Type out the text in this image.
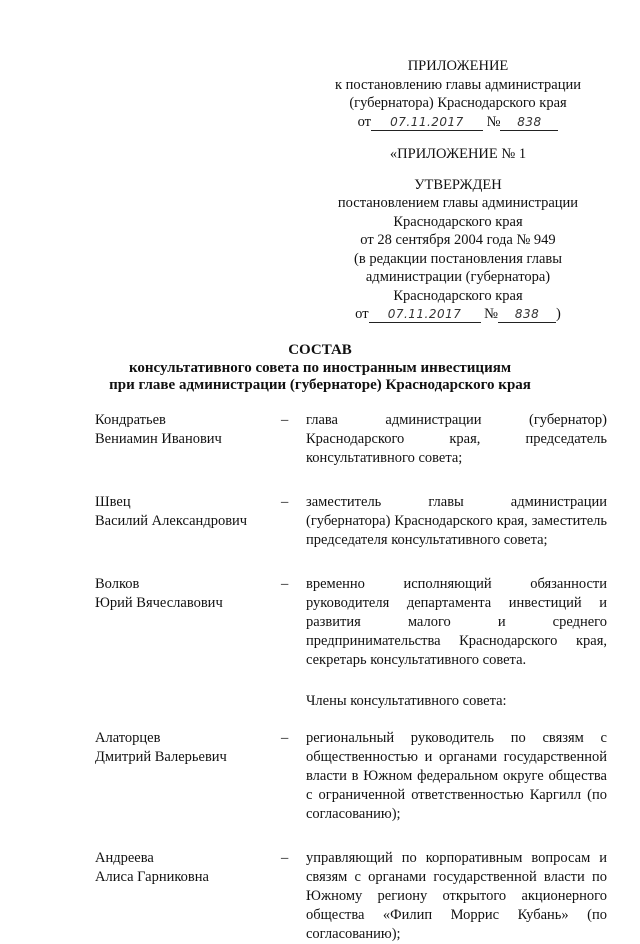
ПРИЛОЖЕНИЕ
к постановлению главы администрации
(губернатора) Краснодарского края
от 07.11.2017 № 838
«ПРИЛОЖЕНИЕ № 1
УТВЕРЖДЕН
постановлением главы администрации
Краснодарского края
от 28 сентября 2004 года № 949
(в редакции постановления главы
администрации (губернатора)
Краснодарского края
от 07.11.2017 № 838 )
СОСТАВ
консультативного совета по иностранным инвестициям
при главе администрации (губернаторе) Краснодарского края
Кондратьев
Вениамин Иванович
–	глава администрации (губернатор) Краснодарского края, председатель консультативного совета;
Швец
Василий Александрович
–	заместитель главы администрации (губернатора) Краснодарского края, заместитель председателя консультативного совета;
Волков
Юрий Вячеславович
–	временно исполняющий обязанности руководителя департамента инвестиций и развития малого и среднего предпринимательства Краснодарского края, секретарь консультативного совета.
Члены консультативного совета:
Алаторцев
Дмитрий Валерьевич
–	региональный руководитель по связям с общественностью и органами государственной власти в Южном федеральном округе общества с ограниченной ответственностью Каргилл (по согласованию);
Андреева
Алиса Гарниковна
–	управляющий по корпоративным вопросам и связям с органами государственной власти по Южному региону открытого акционерного общества «Филип Моррис Кубань» (по согласованию);
